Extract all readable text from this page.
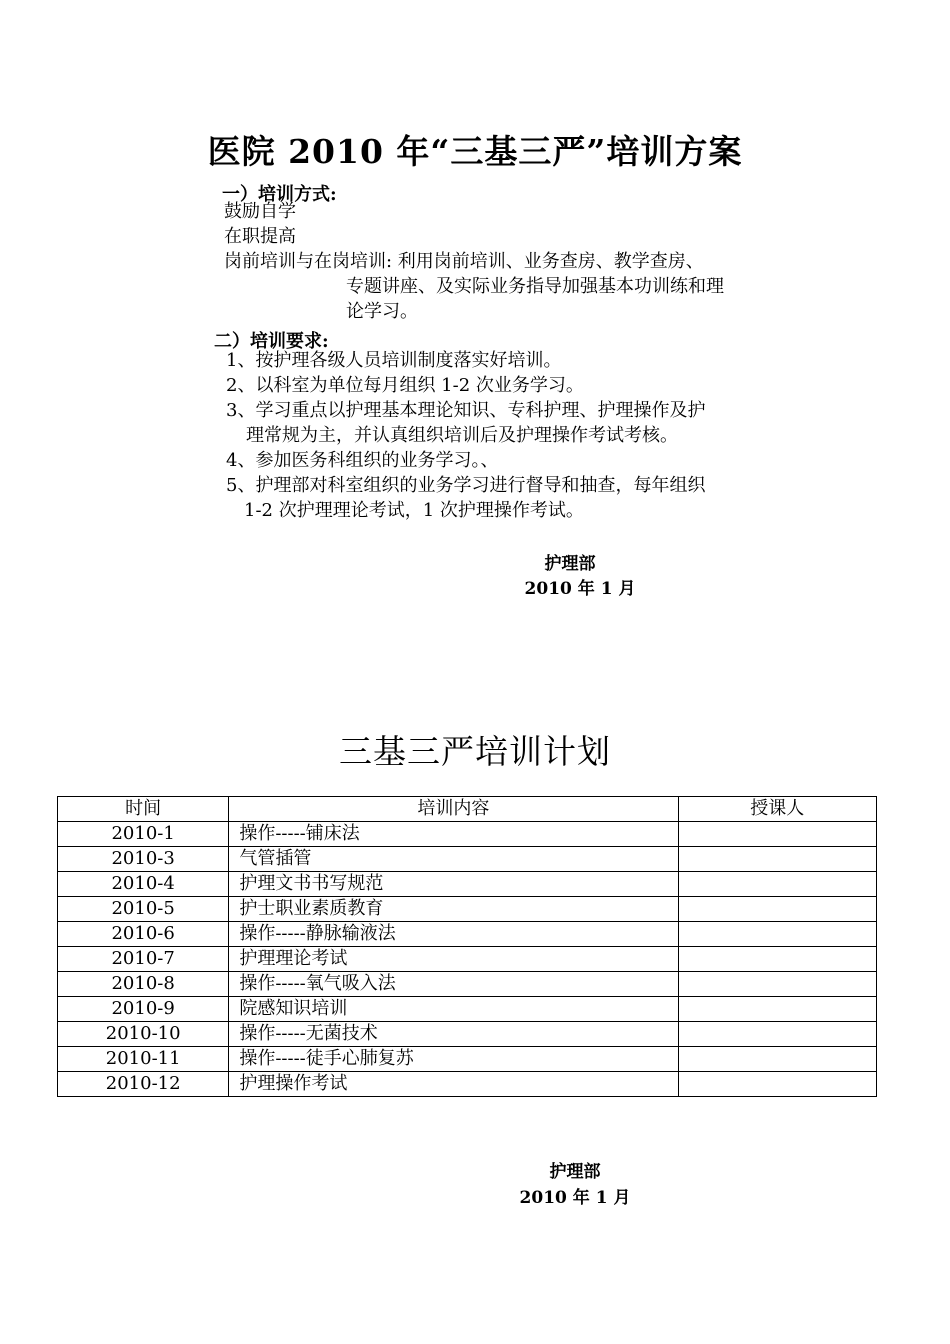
医院 2010 年“三基三严”培训方案
一）培训方式:
鼓励自学
在职提高
岗前培训与在岗培训: 利用岗前培训、业务查房、教学查房、
专题讲座、及实际业务指导加强基本功训练和理
论学习。
二）培训要求:
1、按护理各级人员培训制度落实好培训。
2、以科室为单位每月组织 1-2 次业务学习。
3、学习重点以护理基本理论知识、专科护理、护理操作及护
理常规为主，并认真组织培训后及护理操作考试考核。
4、参加医务科组织的业务学习。、
5、护理部对科室组织的业务学习进行督导和抽查，每年组织
1-2 次护理理论考试，1 次护理操作考试。
护理部
2010 年 1 月
三基三严培训计划
时间	培训内容	授课人
2010-1	操作-----铺床法	
2010-3	气管插管	
2010-4	护理文书书写规范	
2010-5	护士职业素质教育	
2010-6	操作-----静脉输液法	
2010-7	护理理论考试	
2010-8	操作-----氧气吸入法	
2010-9	院感知识培训	
2010-10	操作-----无菌技术	
2010-11	操作-----徒手心肺复苏	
2010-12	护理操作考试	
护理部
2010 年 1 月
